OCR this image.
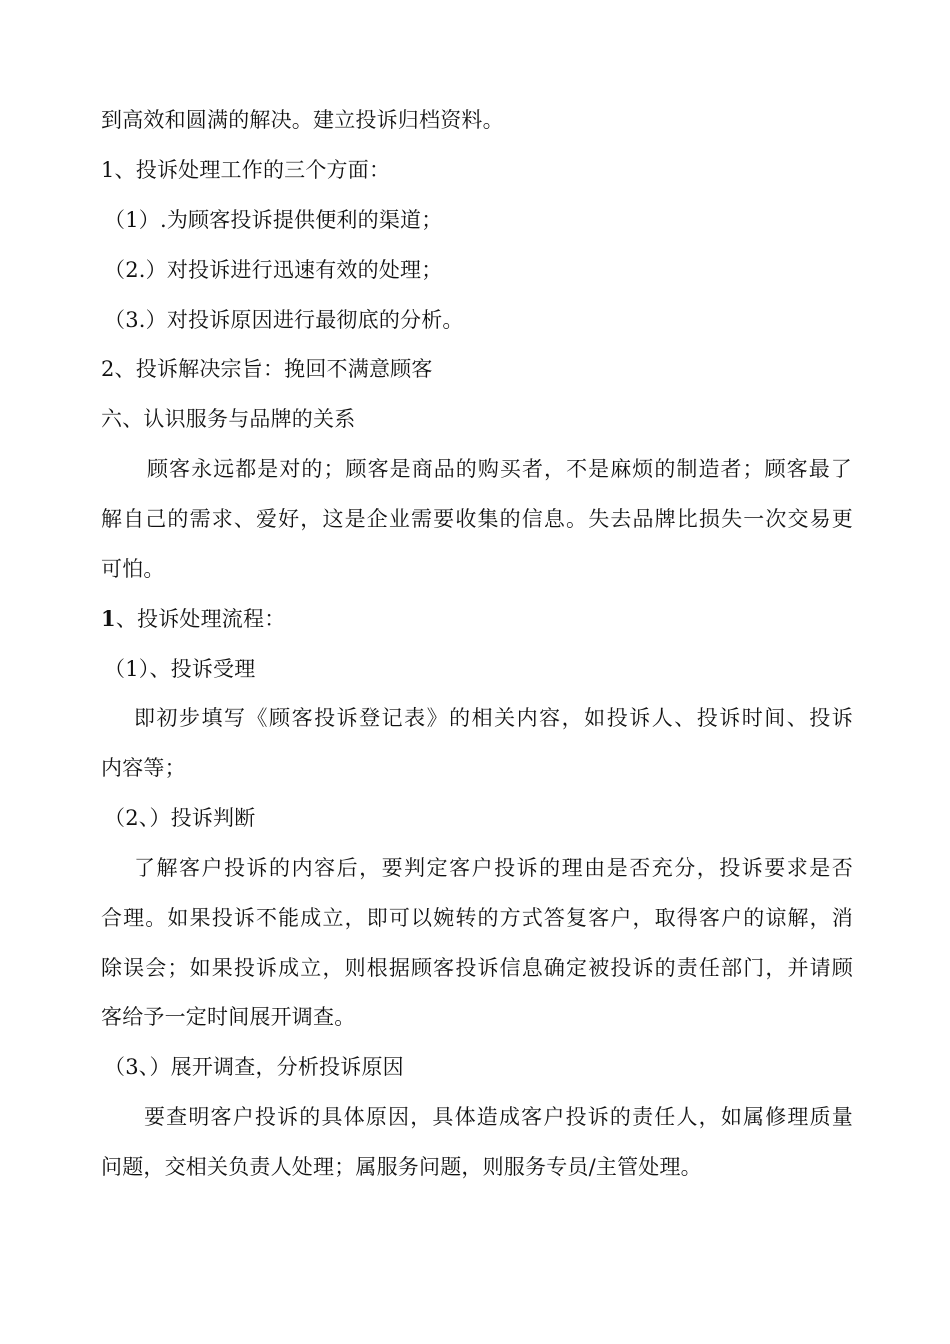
到高效和圆满的解决。建立投诉归档资料。
1、投诉处理工作的三个方面：
（1）.为顾客投诉提供便利的渠道；
（2.）对投诉进行迅速有效的处理；
（3.）对投诉原因进行最彻底的分析。
2、投诉解决宗旨：挽回不满意顾客
六、认识服务与品牌的关系
顾客永远都是对的；顾客是商品的购买者，不是麻烦的制造者；顾客最了
解自己的需求、爱好，这是企业需要收集的信息。失去品牌比损失一次交易更
可怕。
1、投诉处理流程：
（1）、投诉受理
即初步填写《顾客投诉登记表》的相关内容，如投诉人、投诉时间、投诉
内容等；
（2、）投诉判断
了解客户投诉的内容后，要判定客户投诉的理由是否充分，投诉要求是否
合理。如果投诉不能成立，即可以婉转的方式答复客户，取得客户的谅解，消
除误会；如果投诉成立，则根据顾客投诉信息确定被投诉的责任部门，并请顾
客给予一定时间展开调查。
（3、）展开调查，分析投诉原因
要查明客户投诉的具体原因，具体造成客户投诉的责任人，如属修理质量
问题，交相关负责人处理；属服务问题，则服务专员/主管处理。
